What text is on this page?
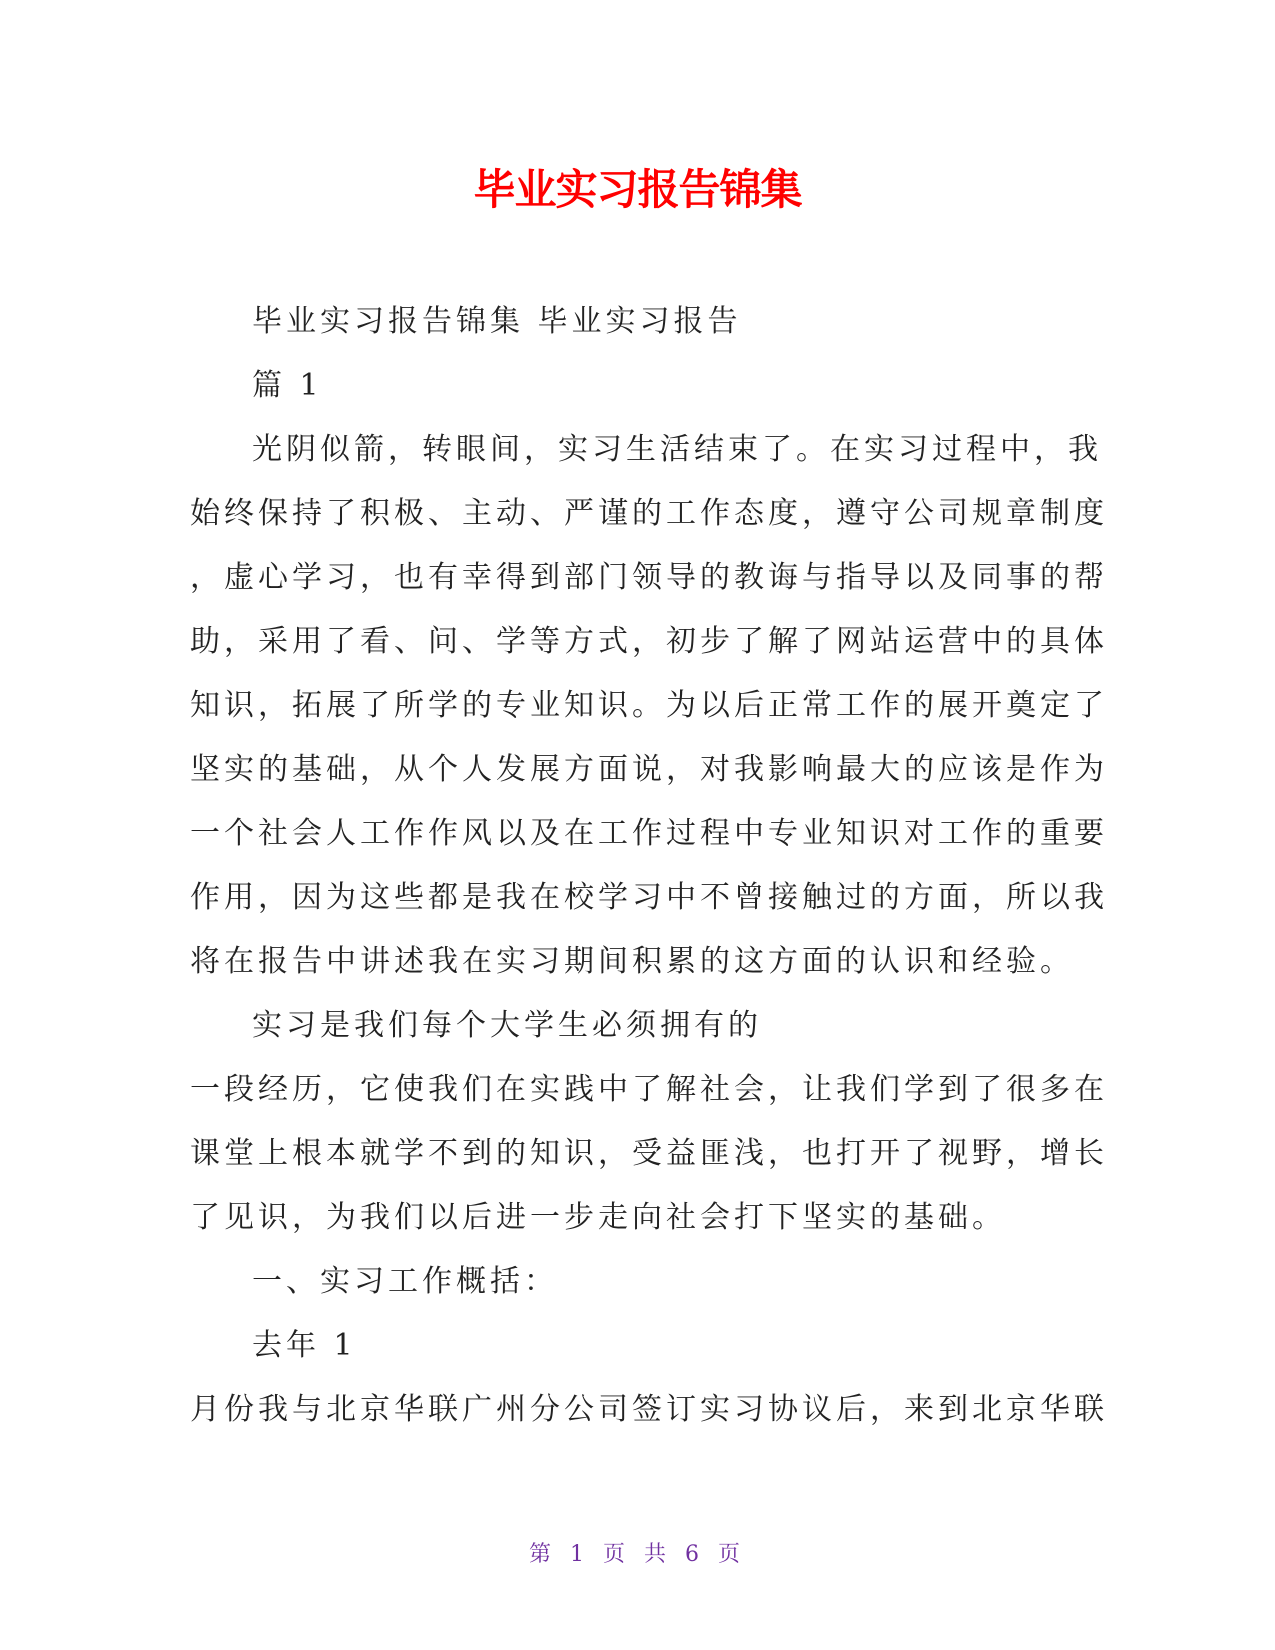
毕业实习报告锦集

毕业实习报告锦集 毕业实习报告

篇 1

光阴似箭，转眼间，实习生活结束了。在实习过程中，我

始终保持了积极、主动、严谨的工作态度，遵守公司规章制度
，虚心学习，也有幸得到部门领导的教诲与指导以及同事的帮
助，采用了看、问、学等方式，初步了解了网站运营中的具体
知识，拓展了所学的专业知识。为以后正常工作的展开奠定了
坚实的基础，从个人发展方面说，对我影响最大的应该是作为
一个社会人工作作风以及在工作过程中专业知识对工作的重要
作用，因为这些都是我在校学习中不曾接触过的方面，所以我
将在报告中讲述我在实习期间积累的这方面的认识和经验。

实习是我们每个大学生必须拥有的

一段经历，它使我们在实践中了解社会，让我们学到了很多在
课堂上根本就学不到的知识，受益匪浅，也打开了视野，增长
了见识，为我们以后进一步走向社会打下坚实的基础。

一、实习工作概括：

去年 1

月份我与北京华联广州分公司签订实习协议后，来到北京华联

第 1 页 共 6 页
